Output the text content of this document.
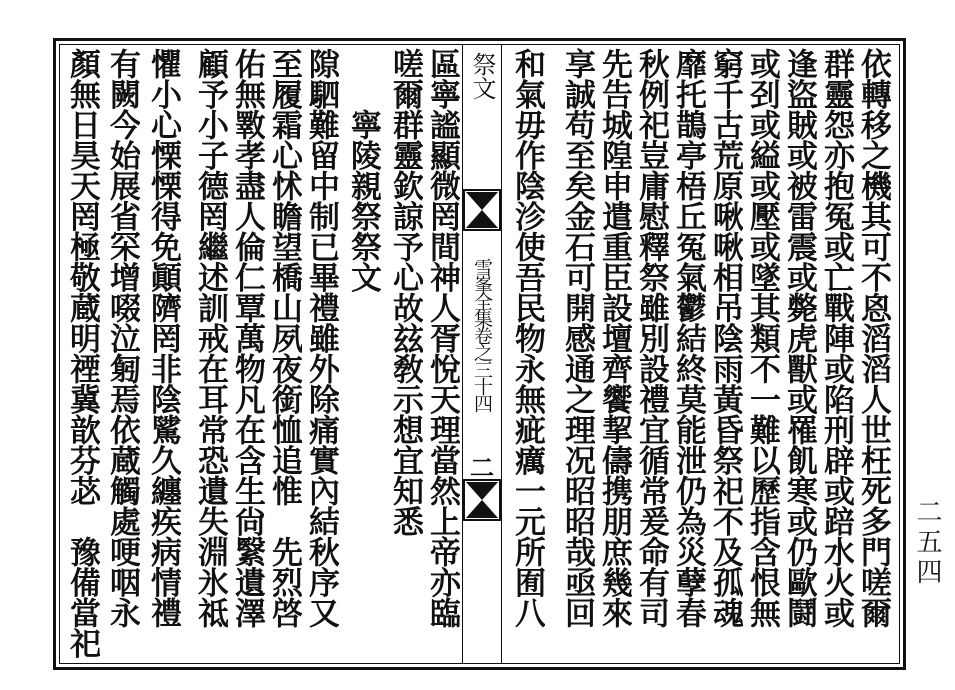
依轉移之機其可不恖滔滔人世枉死多門嗟爾
群靈怨亦抱冤或亡戰陣或陷刑辟或踣水火或
逢盜賊或被雷震或斃虎獸或罹飢寒或仍歐鬪
或刭或縊或壓或墜其類不一難以歷指含恨無
窮千古荒原啾啾相吊陰雨黃昏祭祀不及孤魂
靡托鵲亭梧丘冤氣鬱結終莫能泄仍為災孽春
秋例祀豈庸慰釋祭雖別設禮宜循常爰命有司
先告城隍申遣重臣設壇齊饗挈儔携朋庶幾來
享誠苟至矣金石可開感通之理况昭昭哉亟回
和氣毋作陰沴使吾民物永無疵癘一元所囿八
祭文
雪峯全集卷之三十四
二
區寧謐顯微罔間神人胥悅天理當然上帝亦臨
嗟爾群靈欽諒予心故玆敎示想宜知悉
　　寧陵親祭祭文
隙駟難留中制已畢禮雖外除痛實內結秋序又
至履霜心怵瞻望橋山夙夜銜恤追惟　先烈啓
佑無斁孝盡人倫仁覃萬物凡在含生尙繄遺澤
顧予小子德罔繼述訓戒在耳常恐遺失淵氷祗
懼小心慄慄得免顚隮罔非陰騭久纏疾病情禮
有闕今始展省罙增啜泣匑焉依蔵觸處哽咽永
顏無日昊天罔極敬蔵明禋冀歆芬苾　豫備當祀	二五四
